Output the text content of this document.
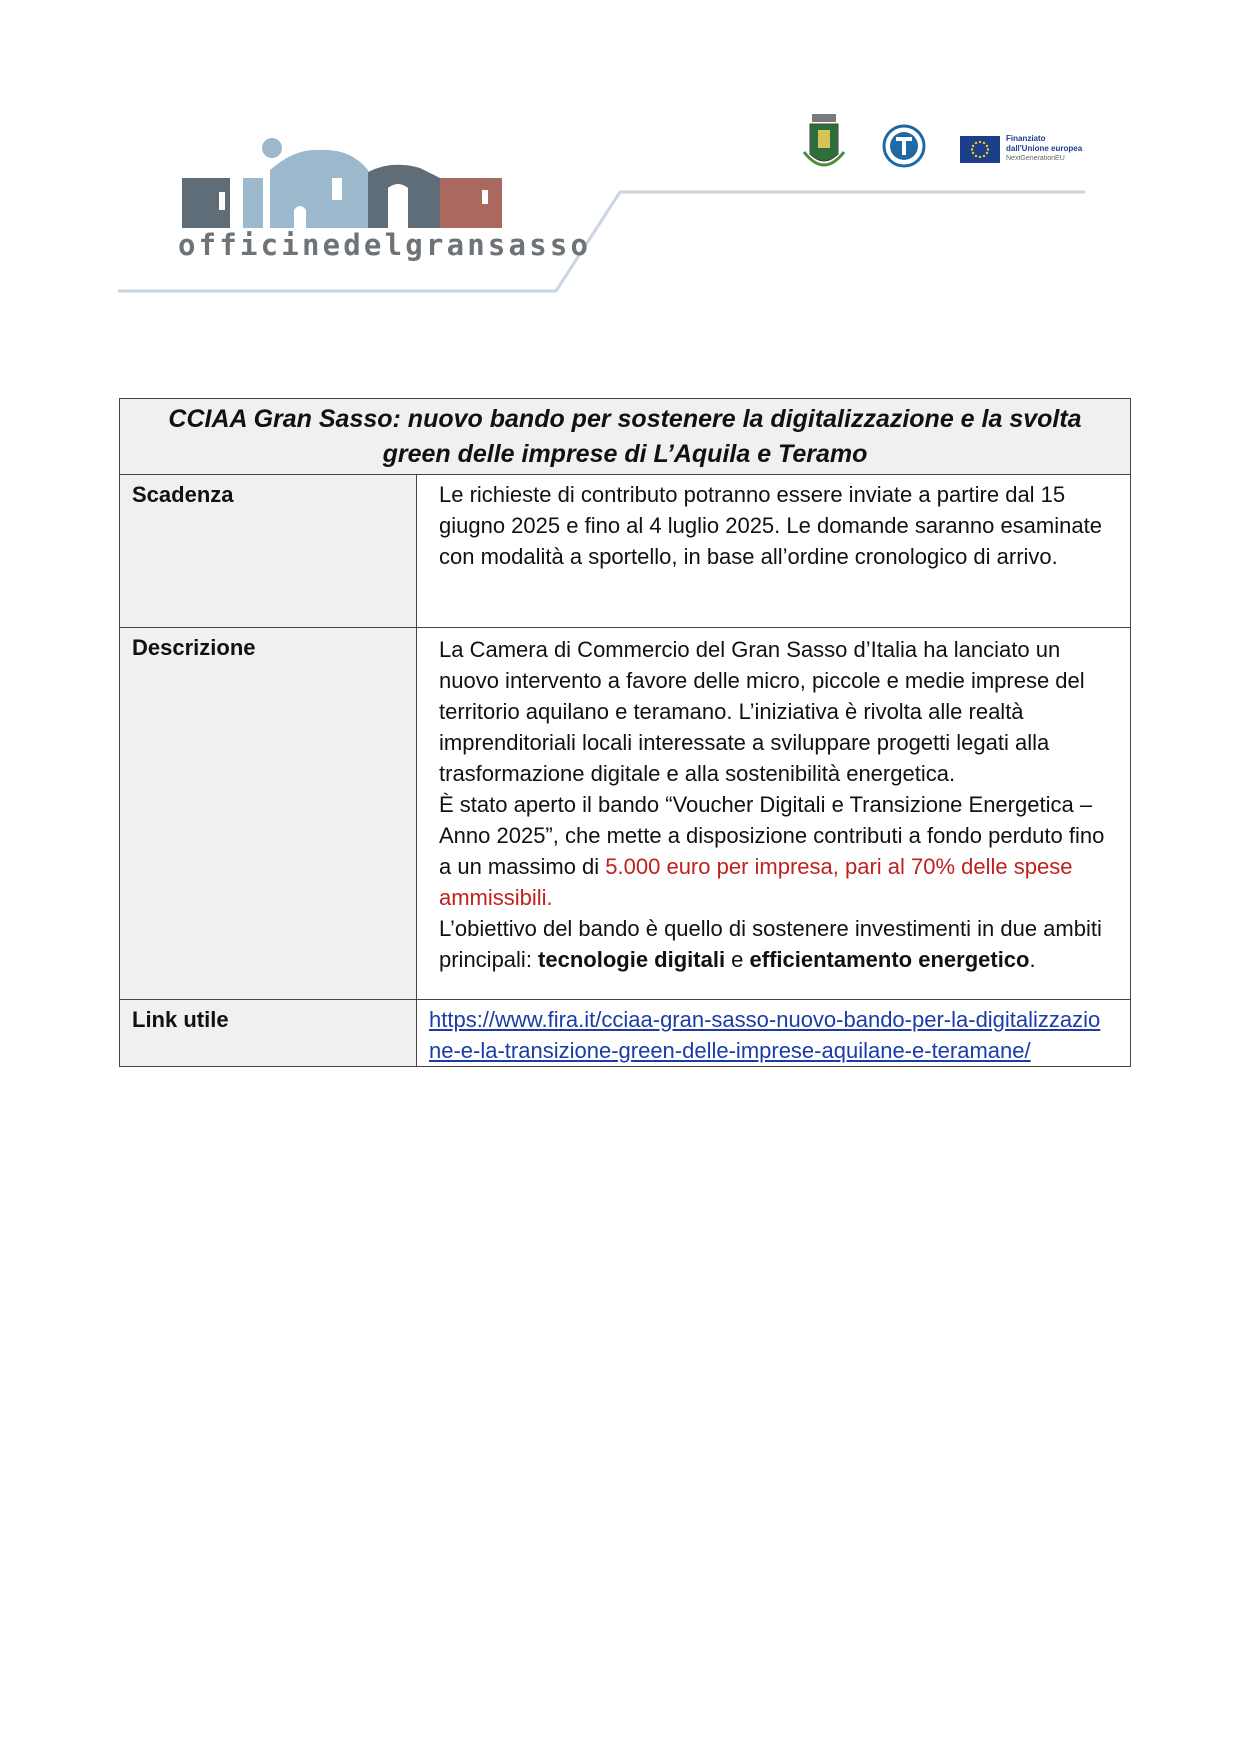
officinedelgransasso
Finanziato
dall'Unione europea
NextGenerationEU
CCIAA Gran Sasso: nuovo bando per sostenere la digitalizzazione e la svolta green delle imprese di L’Aquila e Teramo	
Scadenza	Le richieste di contributo potranno essere inviate a partire dal 15 giugno 2025 e fino al 4 luglio 2025. Le domande saranno esaminate con modalità a sportello, in base all’ordine cronologico di arrivo.
Descrizione	La Camera di Commercio del Gran Sasso d’Italia ha lanciato un nuovo intervento a favore delle micro, piccole e medie imprese del territorio aquilano e teramano. L’iniziativa è rivolta alle realtà imprenditoriali locali interessate a sviluppare progetti legati alla trasformazione digitale e alla sostenibilità energetica.
È stato aperto il bando “Voucher Digitali e Transizione Energetica – Anno 2025”, che mette a disposizione contributi a fondo perduto fino a un massimo di 5.000 euro per impresa, pari al 70% delle spese ammissibili.
L’obiettivo del bando è quello di sostenere investimenti in due ambiti principali: tecnologie digitali e efficientamento energetico.

Link utile	https://www.fira.it/cciaa-gran-sasso-nuovo-bando-per-la-digitalizzazione-e-la-transizione-green-delle-imprese-aquilane-e-teramane/
